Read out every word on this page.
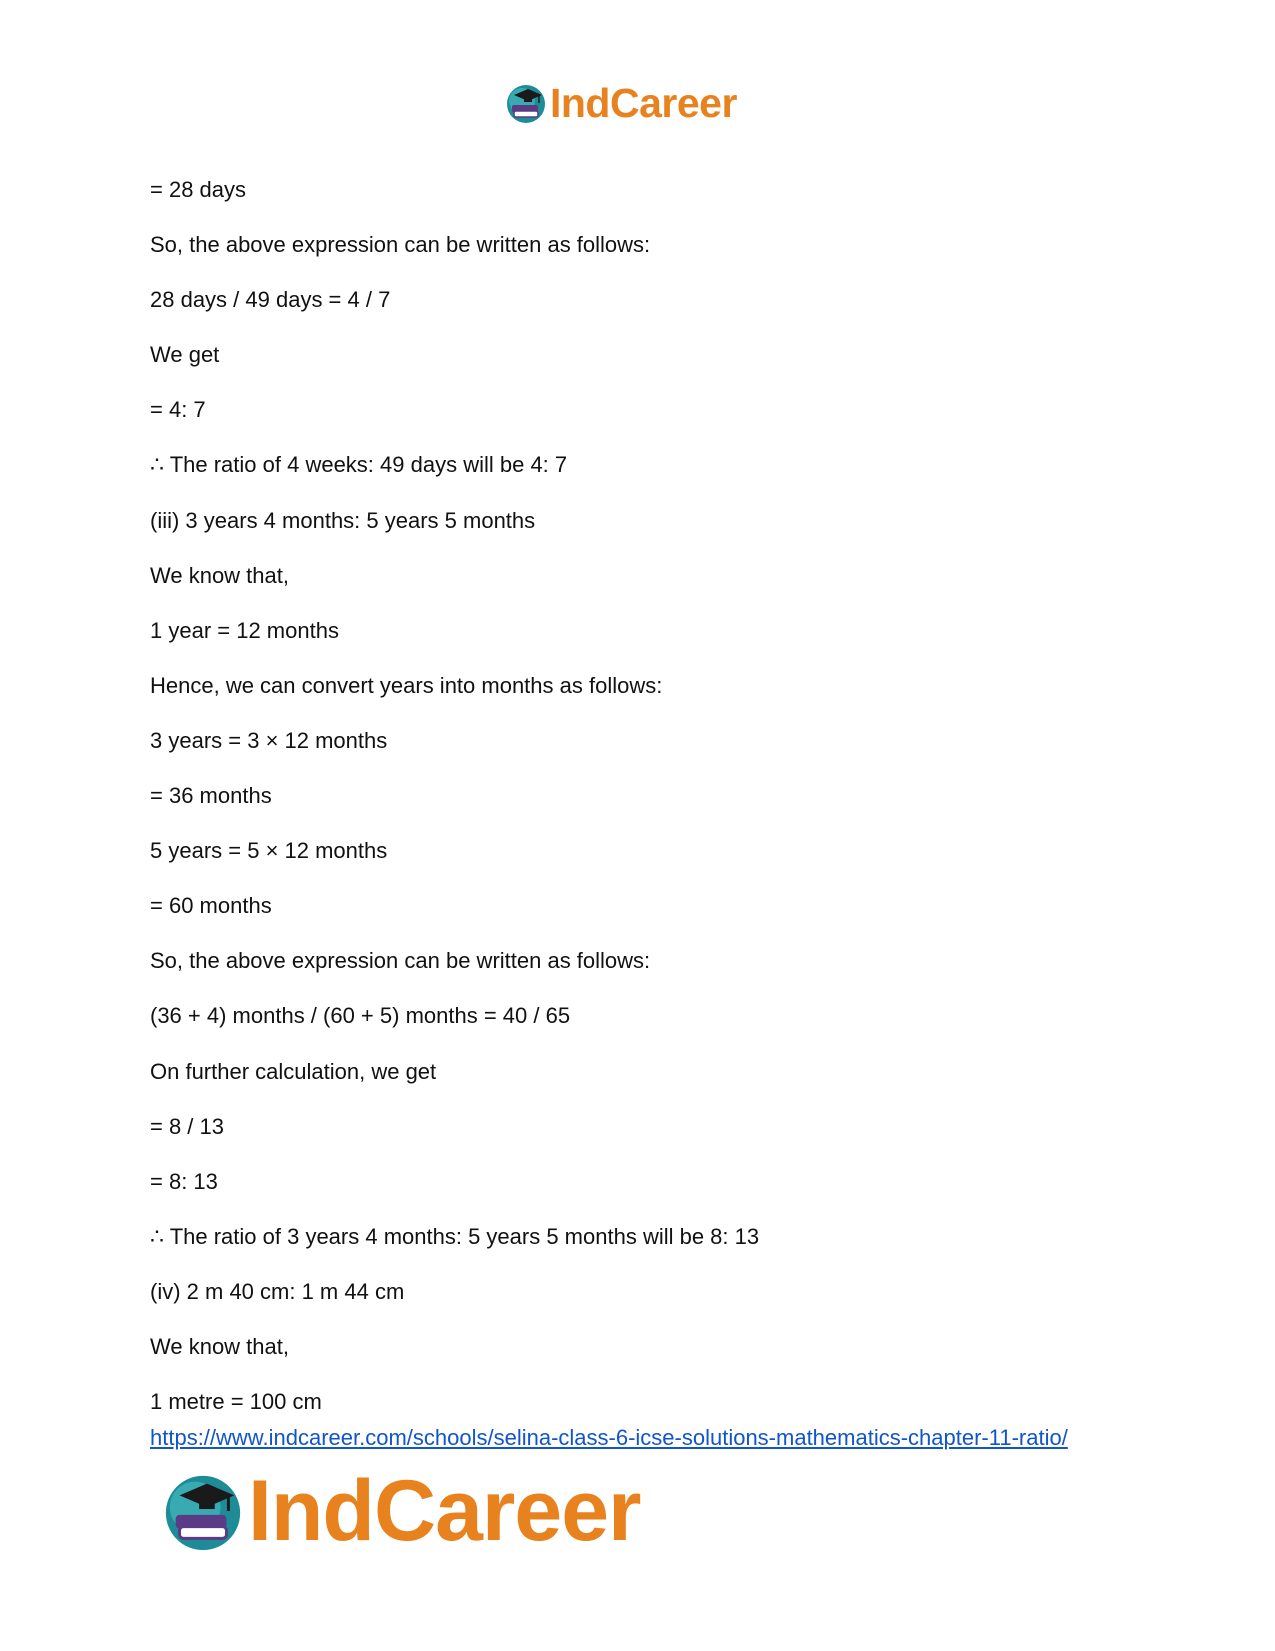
IndCareer
= 28 days
So, the above expression can be written as follows:
28 days / 49 days = 4 / 7
We get
= 4: 7
∴ The ratio of 4 weeks: 49 days will be 4: 7
(iii) 3 years 4 months: 5 years 5 months
We know that,
1 year = 12 months
Hence, we can convert years into months as follows:
3 years = 3 × 12 months
= 36 months
5 years = 5 × 12 months
= 60 months
So, the above expression can be written as follows:
(36 + 4) months / (60 + 5) months = 40 / 65
On further calculation, we get
= 8 / 13
= 8: 13
∴ The ratio of 3 years 4 months: 5 years 5 months will be 8: 13
(iv) 2 m 40 cm: 1 m 44 cm
We know that,
1 metre = 100 cm
https://www.indcareer.com/schools/selina-class-6-icse-solutions-mathematics-chapter-11-ratio/
IndCareer
